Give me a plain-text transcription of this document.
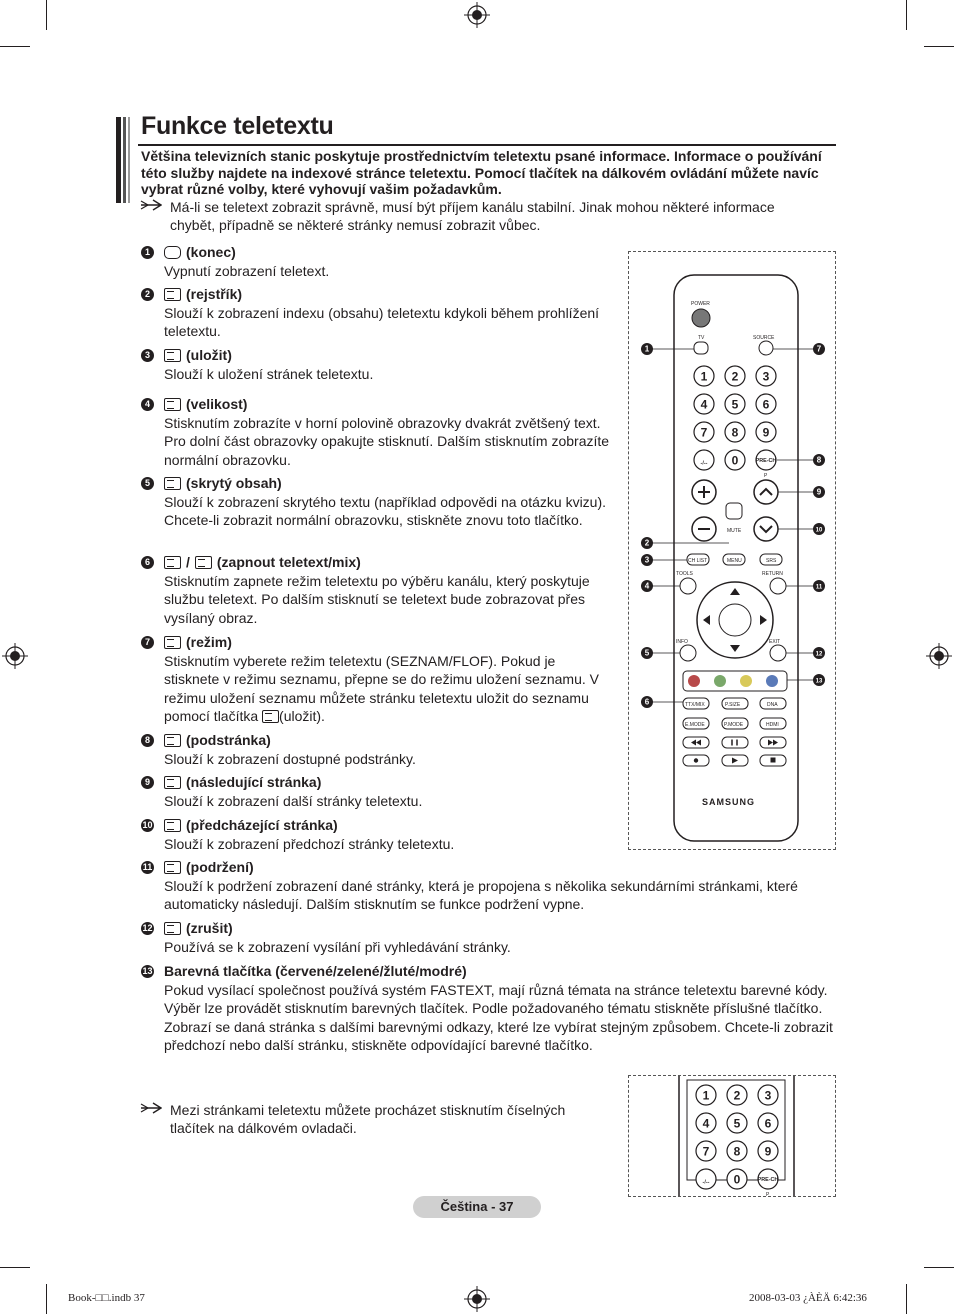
Funkce teletextu

Většina televizních stanic poskytuje prostřednictvím teletextu psané informace. Informace o používání této služby najdete na indexové stránce teletextu. Pomocí tlačítek na dálkovém ovládání můžete navíc vybrat různé volby, které vyhovují vašim požadavkům.

Má-li se teletext zobrazit správně, musí být příjem kanálu stabilní. Jinak mohou některé informace chybět, případně se některé stránky nemusí zobrazit vůbec.
1	(konec)
Vypnutí zobrazení teletext.
2	(rejstřík)
Slouží k zobrazení indexu (obsahu) teletextu kdykoli během prohlížení teletextu.
3	(uložit)
Slouží k uložení stránek teletextu.
4	(velikost)
Stisknutím zobrazíte v horní polovině obrazovky dvakrát zvětšený text. Pro dolní část obrazovky opakujte stisknutí. Dalším stisknutím zobrazíte normální obrazovku.
5	(skrytý obsah)
Slouží k zobrazení skrytého textu (například odpovědi na otázku kvizu). Chcete-li zobrazit normální obrazovku, stiskněte znovu toto tlačítko.
6	/ (zapnout teletext/mix)
Stisknutím zapnete režim teletextu po výběru kanálu, který poskytuje službu teletext. Po dalším stisknutí se teletext bude zobrazovat přes vysílaný obraz.
7	(režim)
Stisknutím vyberete režim teletextu (SEZNAM/FLOF). Pokud je stisknete v režimu seznamu, přepne se do režimu uložení seznamu. V režimu uložení seznamu můžete stránku teletextu uložit do seznamu pomocí tlačítka (uložit).
8	(podstránka)
Slouží k zobrazení dostupné podstránky.
9	(následující stránka)
Slouží k zobrazení další stránky teletextu.
10 (předcházející stránka)
Slouží k zobrazení předchozí stránky teletextu.
11 (podržení)
Slouží k podržení zobrazení dané stránky, která je propojena s několika sekundárními stránkami, které automaticky následují. Dalším stisknutím se funkce podržení vypne.
12 (zrušit)
Používá se k zobrazení vysílání při vyhledávání stránky.
13 Barevná tlačítka (červené/zelené/žluté/modré)
Pokud vysílací společnost používá systém FASTEXT, mají různá témata na stránce teletextu barevné kódy. Výběr lze provádět stisknutím barevných tlačítek. Podle požadovaného tématu stiskněte příslušné tlačítko. Zobrazí se daná stránka s dalšími barevnými odkazy, které lze vybírat stejným způsobem. Chcete-li zobrazit předchozí nebo další stránku, stiskněte odpovídající barevné tlačítko.
Mezi stránkami teletextu můžete procházet stisknutím číselných tlačítek na dálkovém ovladači.
POWER
TV	SOURCE
1 2 3
4 5 6
7 8 9
-/-- 0	PRE-CH
P
MUTE
CH LIST	MENU	SRS
TOOLS	RETURN
INFO	EXIT
TTX/MIX	P.SIZE	DNA
E.MODE	P.MODE	HDMI
SAMSUNG
1
2
3
4
5
6
7
8
9
10
11
12
13
1 2 3
4 5 6
7 8 9
-/-- 0	PRE-CH
P
Čeština - 37
Book-□□.indb 37	2008-03-03 ¿ÀÈÄ 6:42:36
